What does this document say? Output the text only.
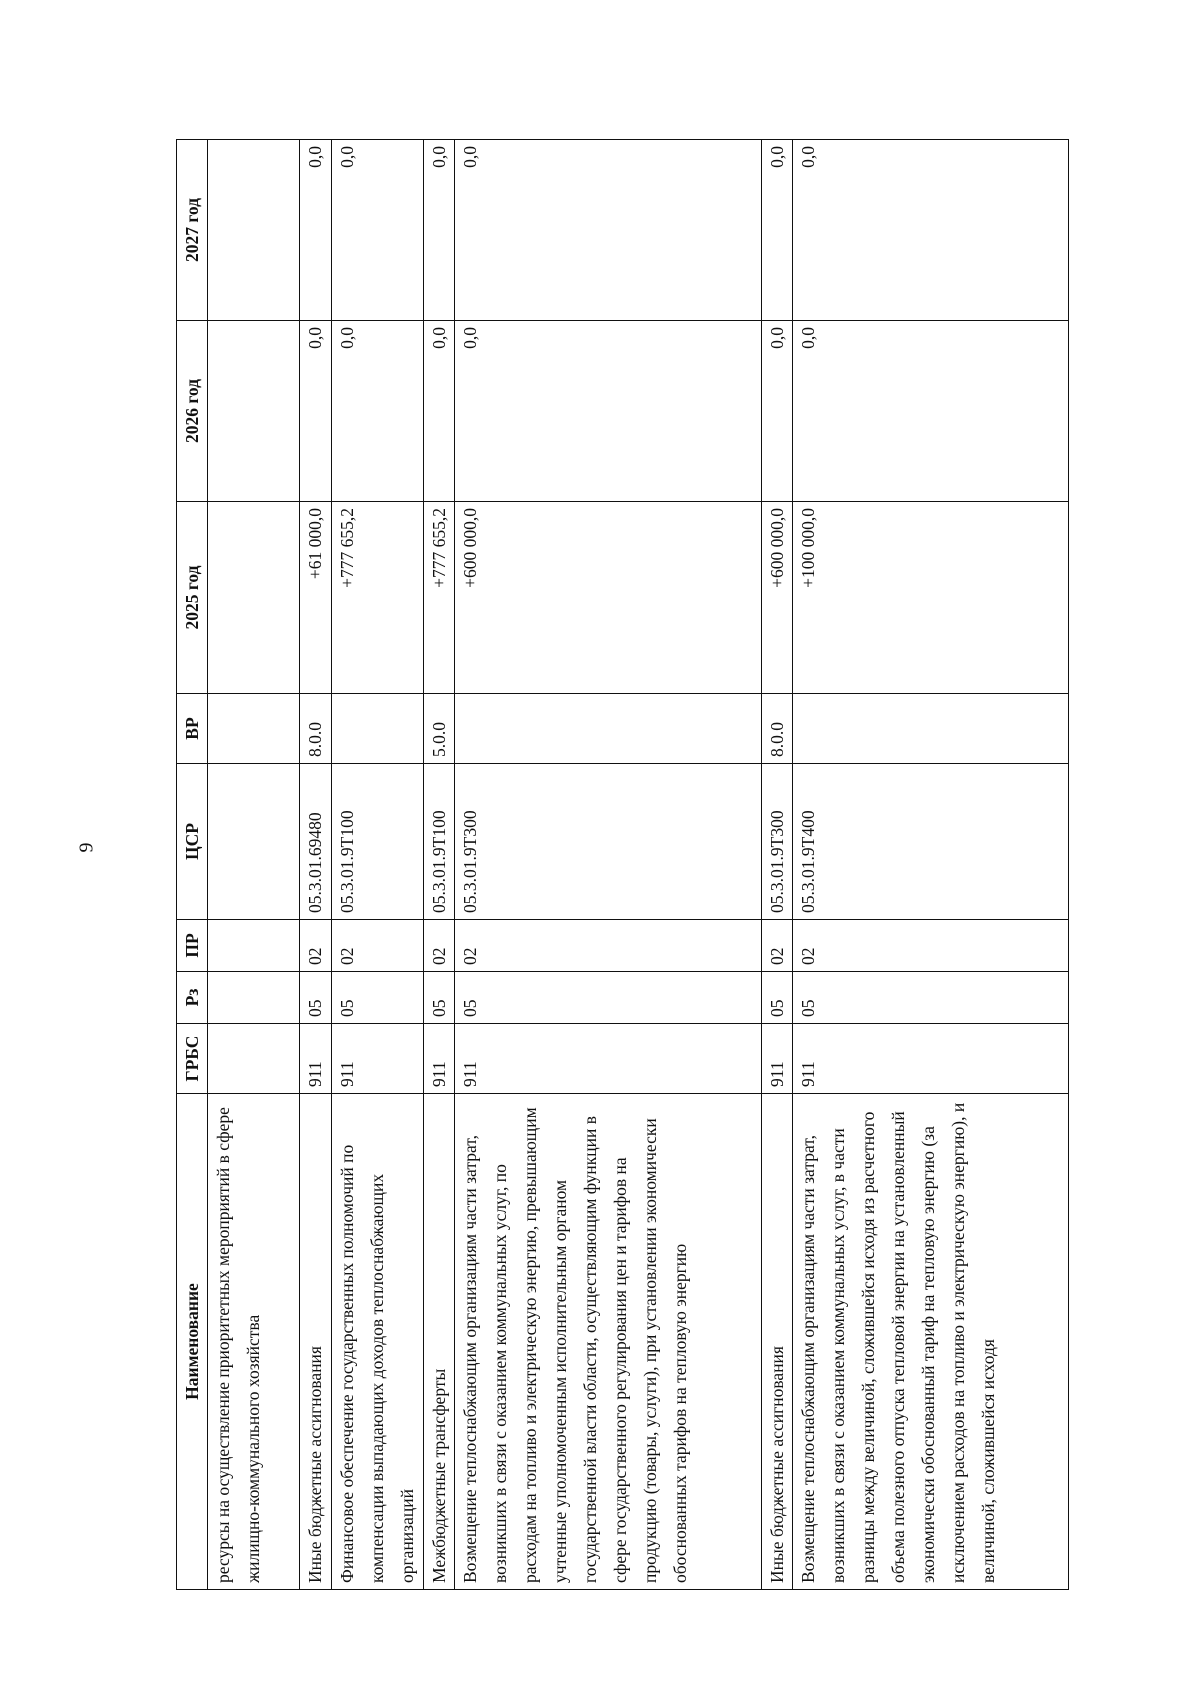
9
Наименование	ГРБС	Рз	ПР	ЦСР	ВР	2025 год	2026 год	2027 год
ресурсы на осуществление приоритетных мероприятий в сфере жилищно-коммунального хозяйства								
Иные бюджетные ассигнования	911	05	02	05.3.01.69480	8.0.0	+61 000,0	0,0	0,0
Финансовое обеспечение государственных полномочий по компенсации выпадающих доходов теплоснабжающих организаций	911	05	02	05.3.01.9Т100		+777 655,2	0,0	0,0
Межбюджетные трансферты	911	05	02	05.3.01.9Т100	5.0.0	+777 655,2	0,0	0,0
Возмещение теплоснабжающим организациям части затрат, возникших в связи с оказанием коммунальных услуг, по расходам на топливо и электрическую энергию, превышающим учтенные уполномоченным исполнительным органом государственной власти области, осуществляющим функции в сфере государственного регулирования цен и тарифов на продукцию (товары, услуги), при установлении экономически обоснованных тарифов на тепловую энергию	911	05	02	05.3.01.9Т300		+600 000,0	0,0	0,0
Иные бюджетные ассигнования	911	05	02	05.3.01.9Т300	8.0.0	+600 000,0	0,0	0,0
Возмещение теплоснабжающим организациям части затрат, возникших в связи с оказанием коммунальных услуг, в части разницы между величиной, сложившейся исходя из расчетного объема полезного отпуска тепловой энергии на установленный экономически обоснованный тариф на тепловую энергию (за исключением расходов на топливо и электрическую энергию), и величиной, сложившейся исходя	911	05	02	05.3.01.9Т400		+100 000,0	0,0	0,0
